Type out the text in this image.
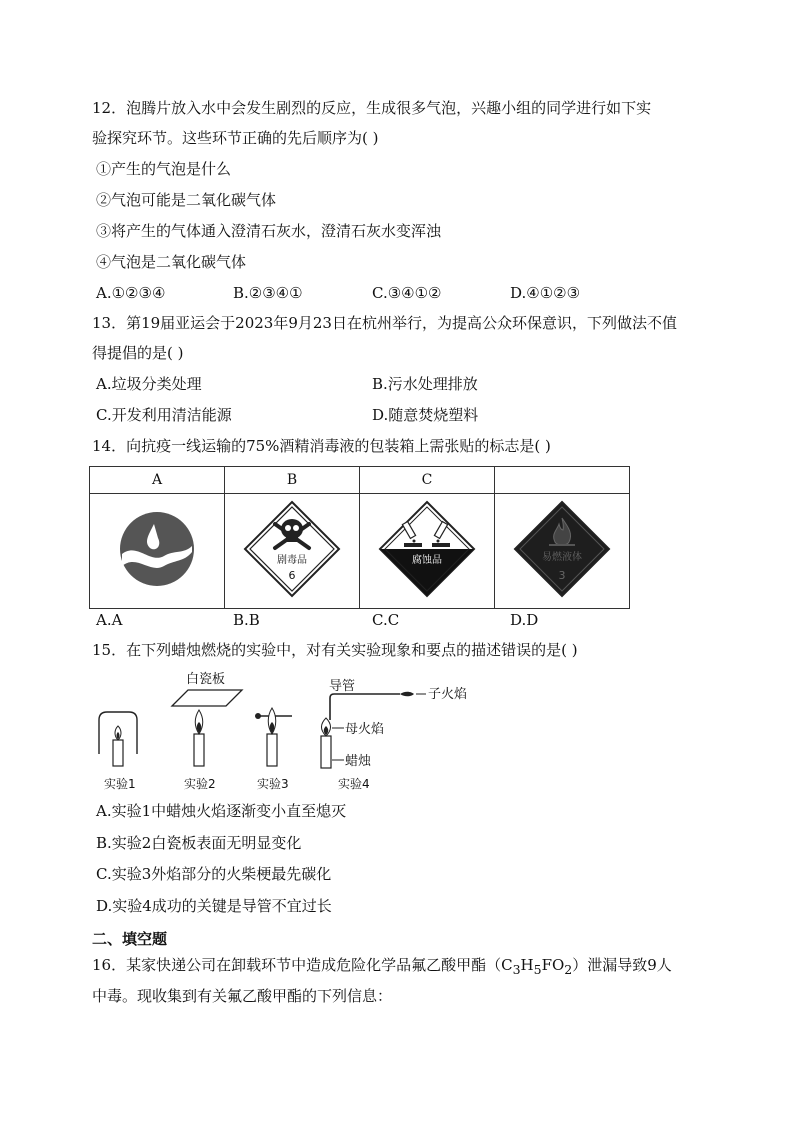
12．泡腾片放入水中会发生剧烈的反应，生成很多气泡，兴趣小组的同学进行如下实
验探究环节。这些环节正确的先后顺序为( )
①产生的气泡是什么
②气泡可能是二氧化碳气体
③将产生的气体通入澄清石灰水，澄清石灰水变浑浊
④气泡是二氧化碳气体
A.①②③④	B.②③④①	C.③④①②	D.④①②③
13．第19届亚运会于2023年9月23日在杭州举行，为提高公众环保意识，下列做法不值
得提倡的是( )
A.垃圾分类处理	B.污水处理排放
C.开发利用清洁能源	D.随意焚烧塑料
14．向抗疫一线运输的75%酒精消毒液的包装箱上需张贴的标志是( )
A	B	C	

剧毒品
6	腐蚀品	易燃液体
3
A.A	B.B	C.C	D.D
15．在下列蜡烛燃烧的实验中，对有关实验现象和要点的描述错误的是( )
实验1
白瓷板
实验2	实验3
导管
子火焰
母火焰
蜡烛
实验4
A.实验1中蜡烛火焰逐渐变小直至熄灭
B.实验2白瓷板表面无明显变化
C.实验3外焰部分的火柴梗最先碳化
D.实验4成功的关键是导管不宜过长
二、填空题
16．某家快递公司在卸载环节中造成危险化学品氟乙酸甲酯$(C_3H_5FO_2)$泄漏导致9人
中毒。现收集到有关氟乙酸甲酯的下列信息：
